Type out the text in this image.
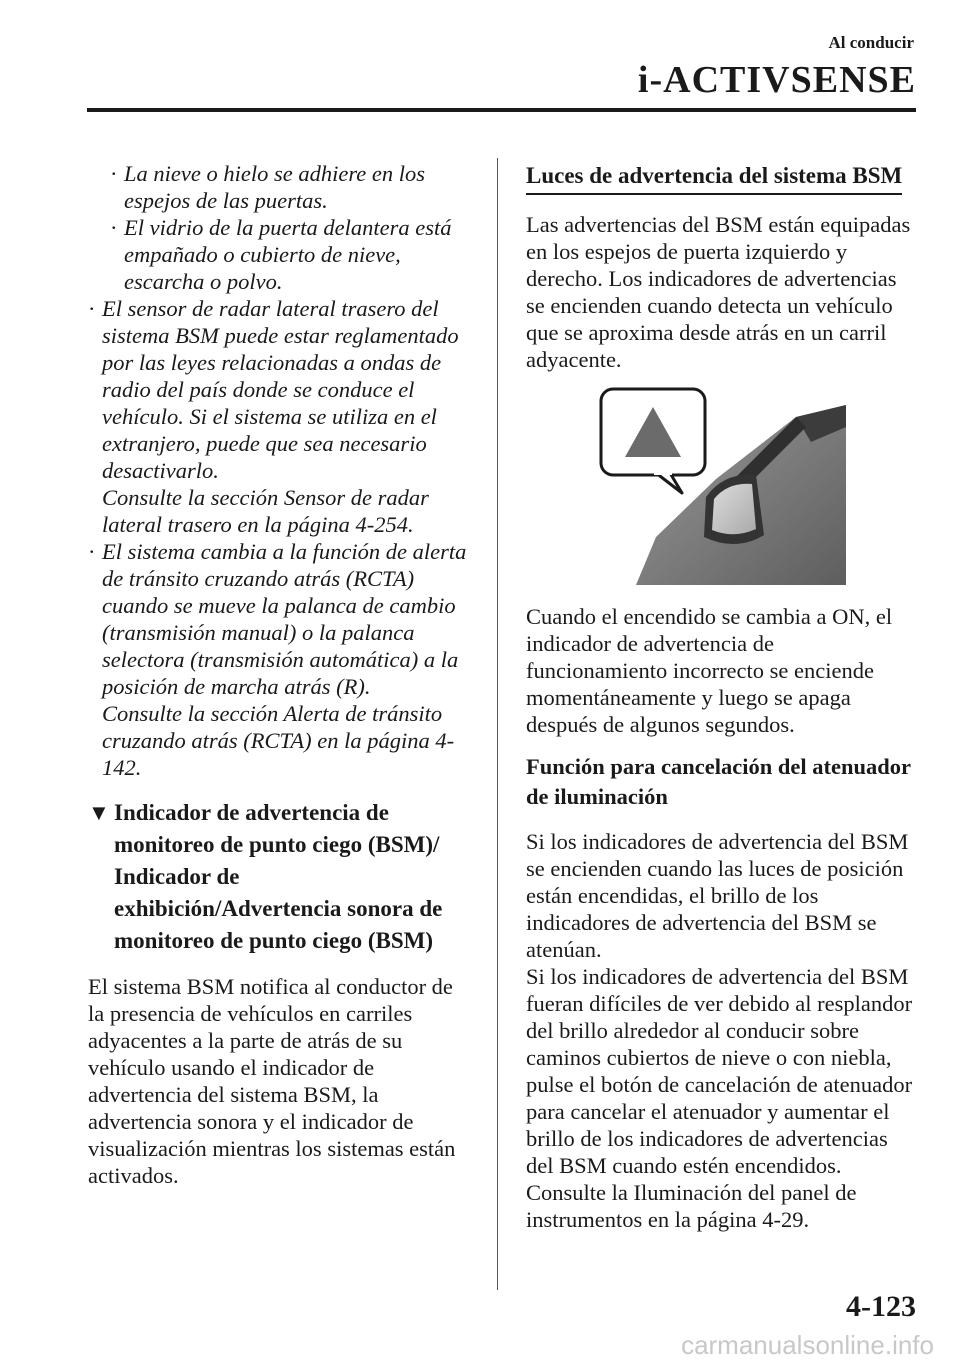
Al conducir
i-ACTIVSENSE
· La nieve o hielo se adhiere en los espejos de las puertas.
· El vidrio de la puerta delantera está empañado o cubierto de nieve, escarcha o polvo.
· El sensor de radar lateral trasero del sistema BSM puede estar reglamentado por las leyes relacionadas a ondas de radio del país donde se conduce el vehículo. Si el sistema se utiliza en el extranjero, puede que sea necesario desactivarlo.
Consulte la sección Sensor de radar lateral trasero en la página 4-254.
· El sistema cambia a la función de alerta de tránsito cruzando atrás (RCTA) cuando se mueve la palanca de cambio (transmisión manual) o la palanca selectora (transmisión automática) a la posición de marcha atrás (R).
Consulte la sección Alerta de tránsito cruzando atrás (RCTA) en la página 4-142.
▼ Indicador de advertencia de monitoreo de punto ciego (BSM)/ Indicador de exhibición/Advertencia sonora de monitoreo de punto ciego (BSM)
El sistema BSM notifica al conductor de la presencia de vehículos en carriles adyacentes a la parte de atrás de su vehículo usando el indicador de advertencia del sistema BSM, la advertencia sonora y el indicador de visualización mientras los sistemas están activados.
Luces de advertencia del sistema BSM
Las advertencias del BSM están equipadas en los espejos de puerta izquierdo y derecho. Los indicadores de advertencias se encienden cuando detecta un vehículo que se aproxima desde atrás en un carril adyacente.
Cuando el encendido se cambia a ON, el indicador de advertencia de funcionamiento incorrecto se enciende momentáneamente y luego se apaga después de algunos segundos.
Función para cancelación del atenuador de iluminación
Si los indicadores de advertencia del BSM se encienden cuando las luces de posición están encendidas, el brillo de los indicadores de advertencia del BSM se atenúan.
Si los indicadores de advertencia del BSM fueran difíciles de ver debido al resplandor del brillo alrededor al conducir sobre caminos cubiertos de nieve o con niebla, pulse el botón de cancelación de atenuador para cancelar el atenuador y aumentar el brillo de los indicadores de advertencias del BSM cuando estén encendidos.
Consulte la Iluminación del panel de instrumentos en la página 4-29.
4-123
carmanualsonline.info
